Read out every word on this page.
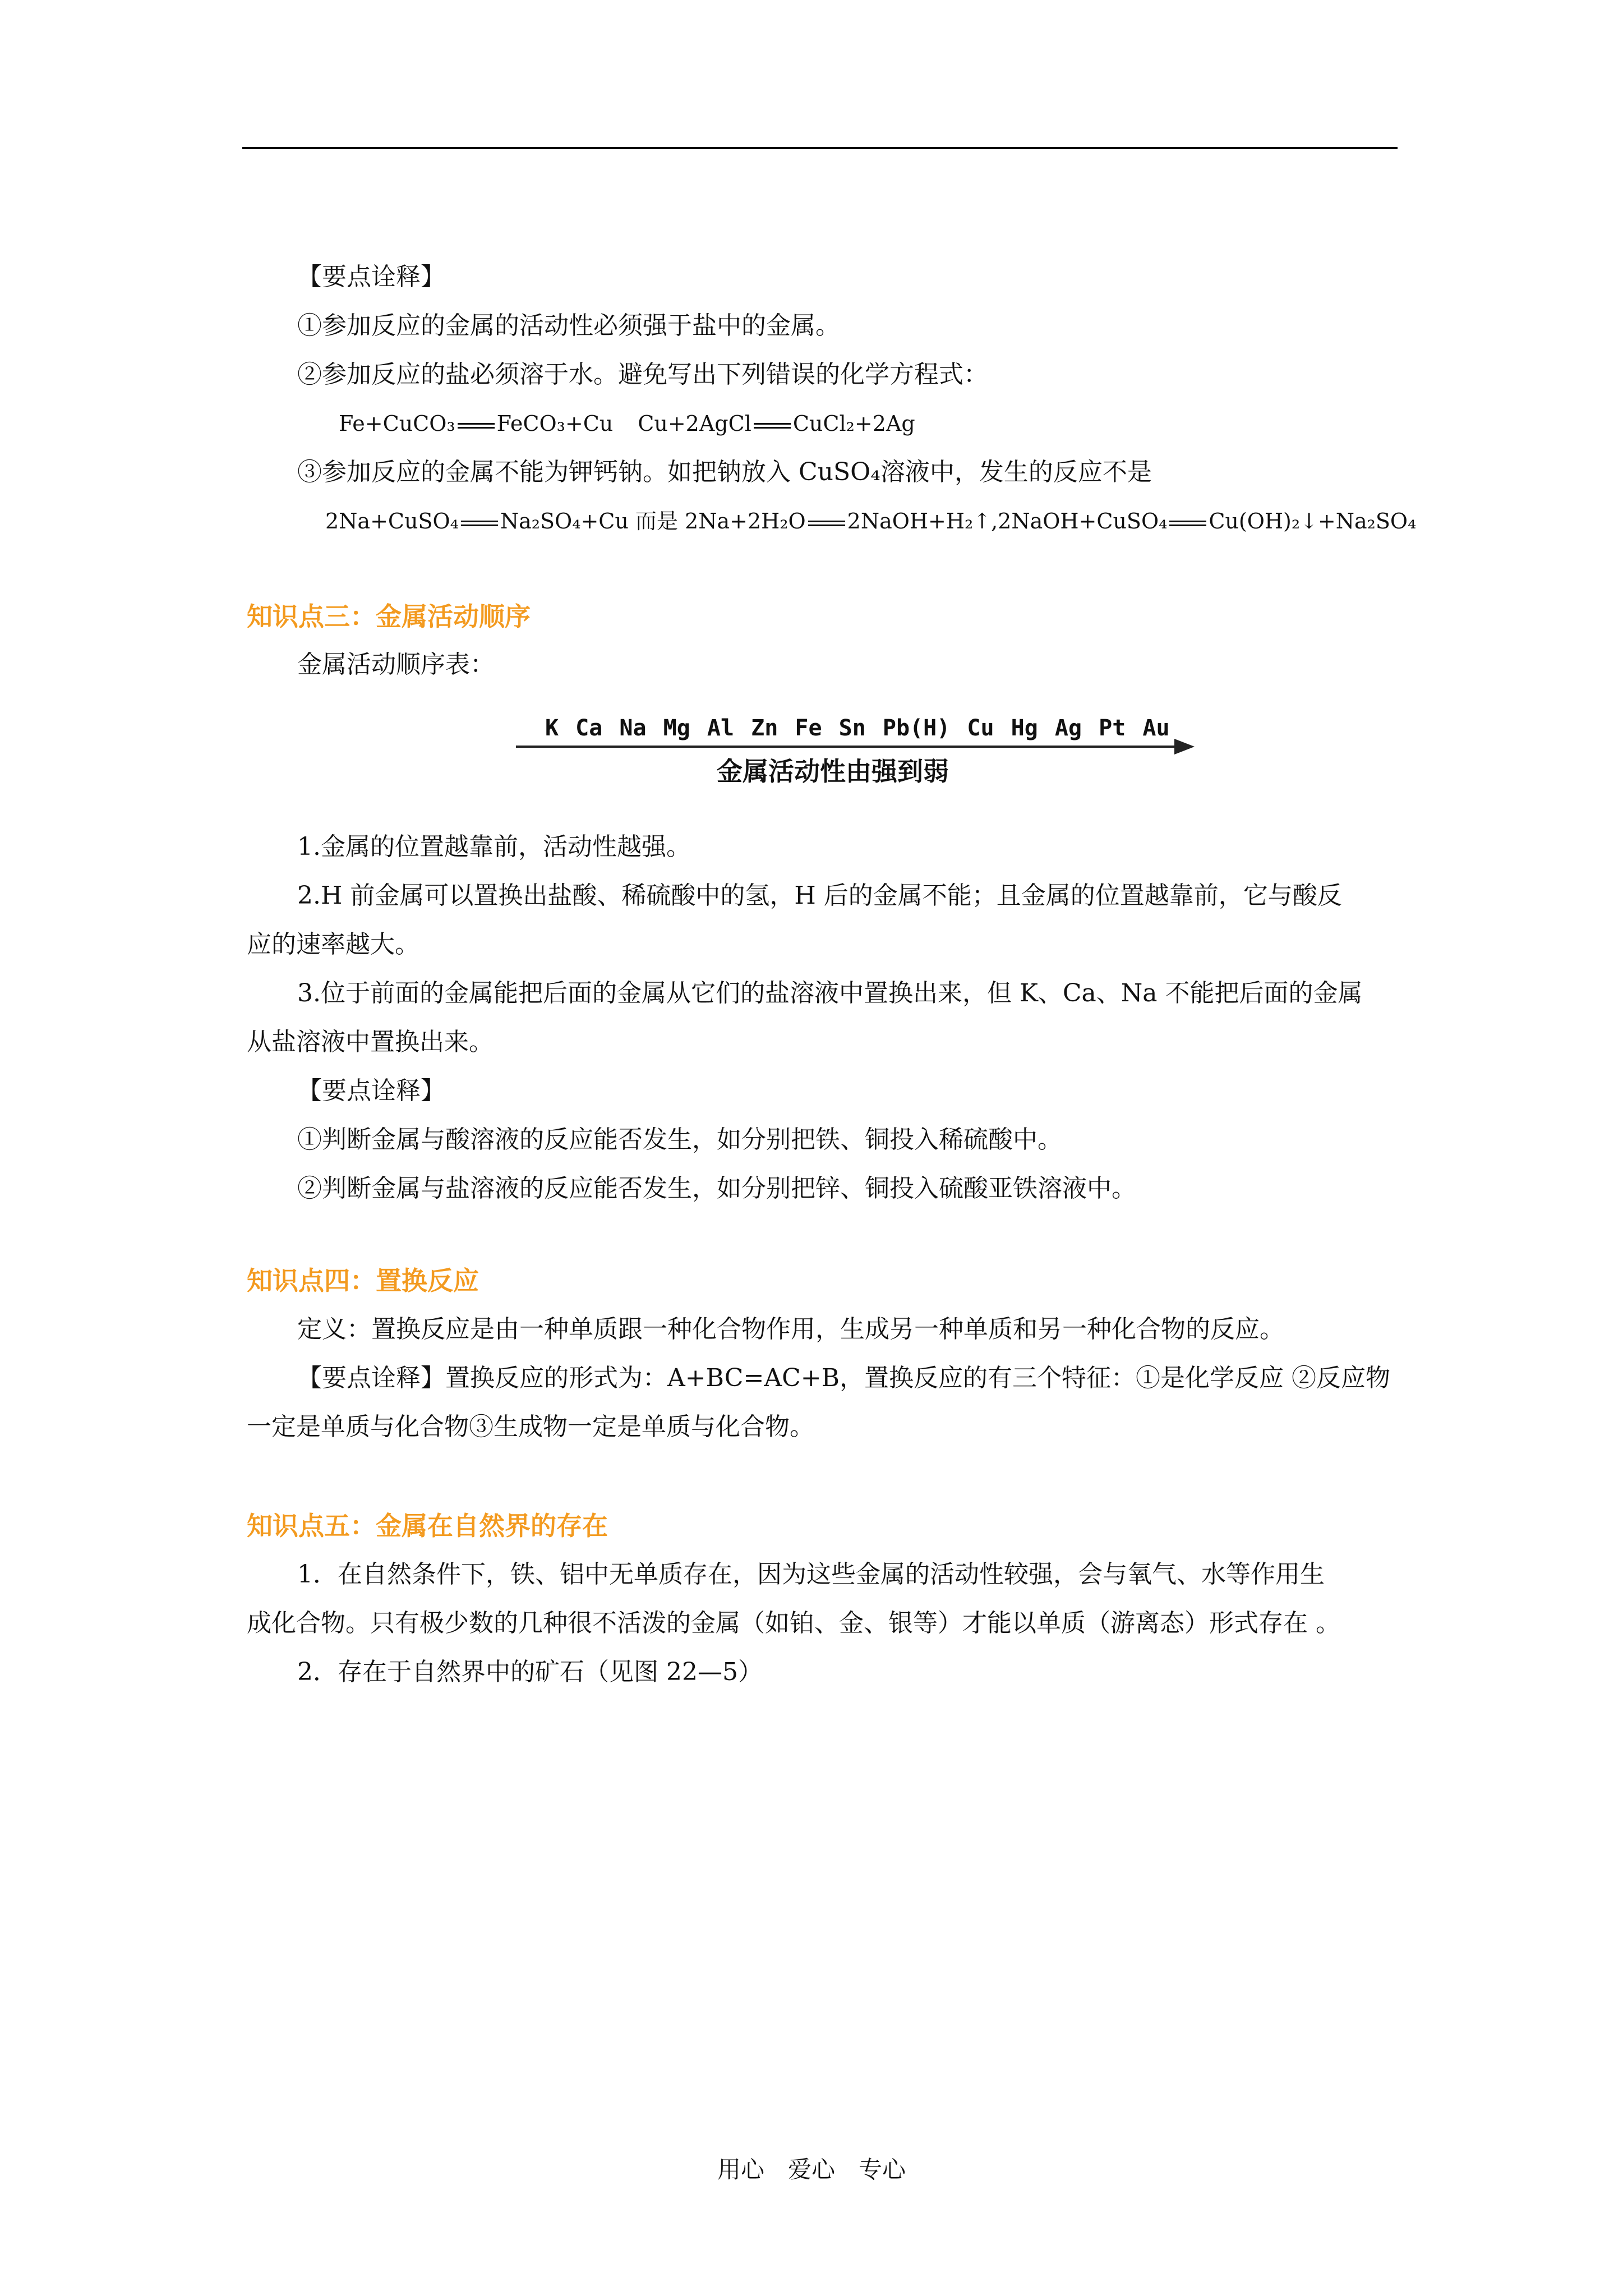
【要点诠释】
①参加反应的金属的活动性必须强于盐中的金属。
②参加反应的盐必须溶于水。避免写出下列错误的化学方程式：
Fe+CuCO₃ FeCO₃+Cu Cu+2AgCl CuCl₂+2Ag
③参加反应的金属不能为钾钙钠。如把钠放入 CuSO₄溶液中，发生的反应不是
2Na+CuSO₄ Na₂SO₄+Cu 而是 2Na+2H₂O 2NaOH+H₂↑,2NaOH+CuSO₄ Cu(OH)₂↓+Na₂SO₄
知识点三：金属活动顺序
金属活动顺序表：
K Ca Na Mg Al Zn Fe Sn Pb(H) Cu Hg Ag Pt Au
金属活动性由强到弱
1.金属的位置越靠前，活动性越强。
2.H 前金属可以置换出盐酸、稀硫酸中的氢，H 后的金属不能；且金属的位置越靠前，它与酸反
应的速率越大。
3.位于前面的金属能把后面的金属从它们的盐溶液中置换出来，但 K、Ca、Na 不能把后面的金属
从盐溶液中置换出来。
【要点诠释】
①判断金属与酸溶液的反应能否发生，如分别把铁、铜投入稀硫酸中。
②判断金属与盐溶液的反应能否发生，如分别把锌、铜投入硫酸亚铁溶液中。
知识点四：置换反应
定义：置换反应是由一种单质跟一种化合物作用，生成另一种单质和另一种化合物的反应。
【要点诠释】置换反应的形式为：A+BC=AC+B，置换反应的有三个特征：①是化学反应 ②反应物
一定是单质与化合物③生成物一定是单质与化合物。
知识点五：金属在自然界的存在
1．在自然条件下，铁、铝中无单质存在，因为这些金属的活动性较强，会与氧气、水等作用生
成化合物。只有极少数的几种很不活泼的金属（如铂、金、银等）才能以单质（游离态）形式存在 。
2．存在于自然界中的矿石（见图 22—5）
用心　爱心　专心
